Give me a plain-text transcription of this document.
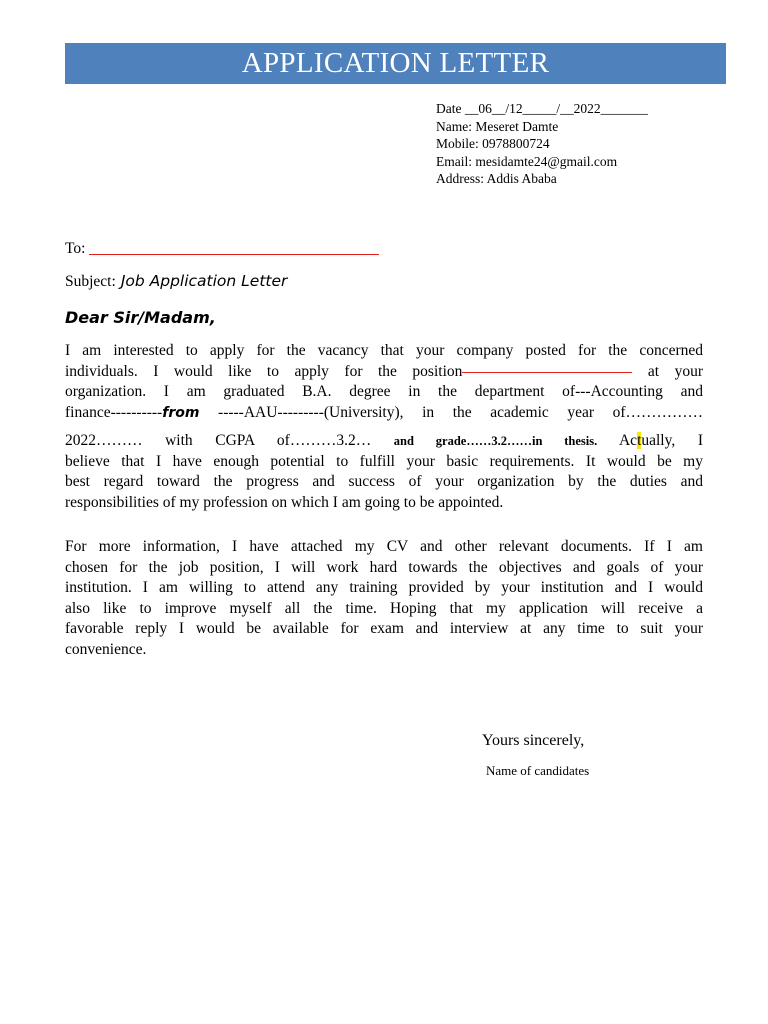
APPLICATION LETTER
Date __06__/12_____/__2022_______
Name: Meseret Damte
Mobile: 0978800724
Email: mesidamte24@gmail.com
Address: Addis Ababa
To:
Subject: Job Application Letter
Dear Sir/Madam,
I am interested to apply for the vacancy that your company posted for the concerned
individuals. I would like to apply for the position	at your
organization. I am graduated B.A. degree in the department of---Accounting and
finance----------from -----AAU---------(University), in the academic year of……………
2022……… with CGPA of………3.2… and grade……3.2……in thesis. Actually, I
believe that I have enough potential to fulfill your basic requirements. It would be my
best regard toward the progress and success of your organization by the duties and
responsibilities of my profession on which I am going to be appointed.
For more information, I have attached my CV and other relevant documents. If I am
chosen for the job position, I will work hard towards the objectives and goals of your
institution. I am willing to attend any training provided by your institution and I would
also like to improve myself all the time. Hoping that my application will receive a
favorable reply I would be available for exam and interview at any time to suit your
convenience.
Yours sincerely,
Name of candidates
